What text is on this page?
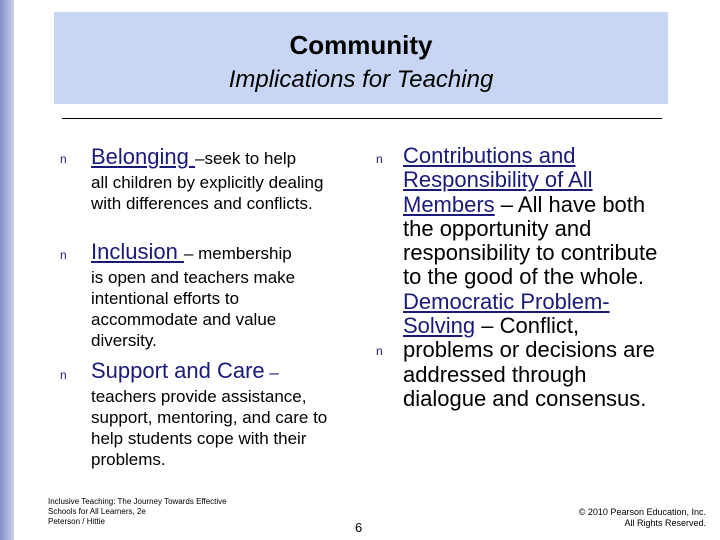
Community
Implications for Teaching
n Belonging –seek to help
all children by explicitly dealing with differences and conflicts.
n Inclusion – membership
is open and teachers make intentional efforts to accommodate and value diversity.
n Support and Care –
teachers provide assistance, support, mentoring, and care to help students cope with their problems.
n
n
Contributions and Responsibility of All Members – All have both the opportunity and responsibility to contribute to the good of the whole.
Democratic Problem-Solving – Conflict, problems or decisions are addressed through dialogue and consensus.
Inclusive Teaching: The Journey Towards Effective
Schools for All Learners, 2e
Peterson / Hittie	6
© 2010 Pearson Education, Inc.
All Rights Reserved.
